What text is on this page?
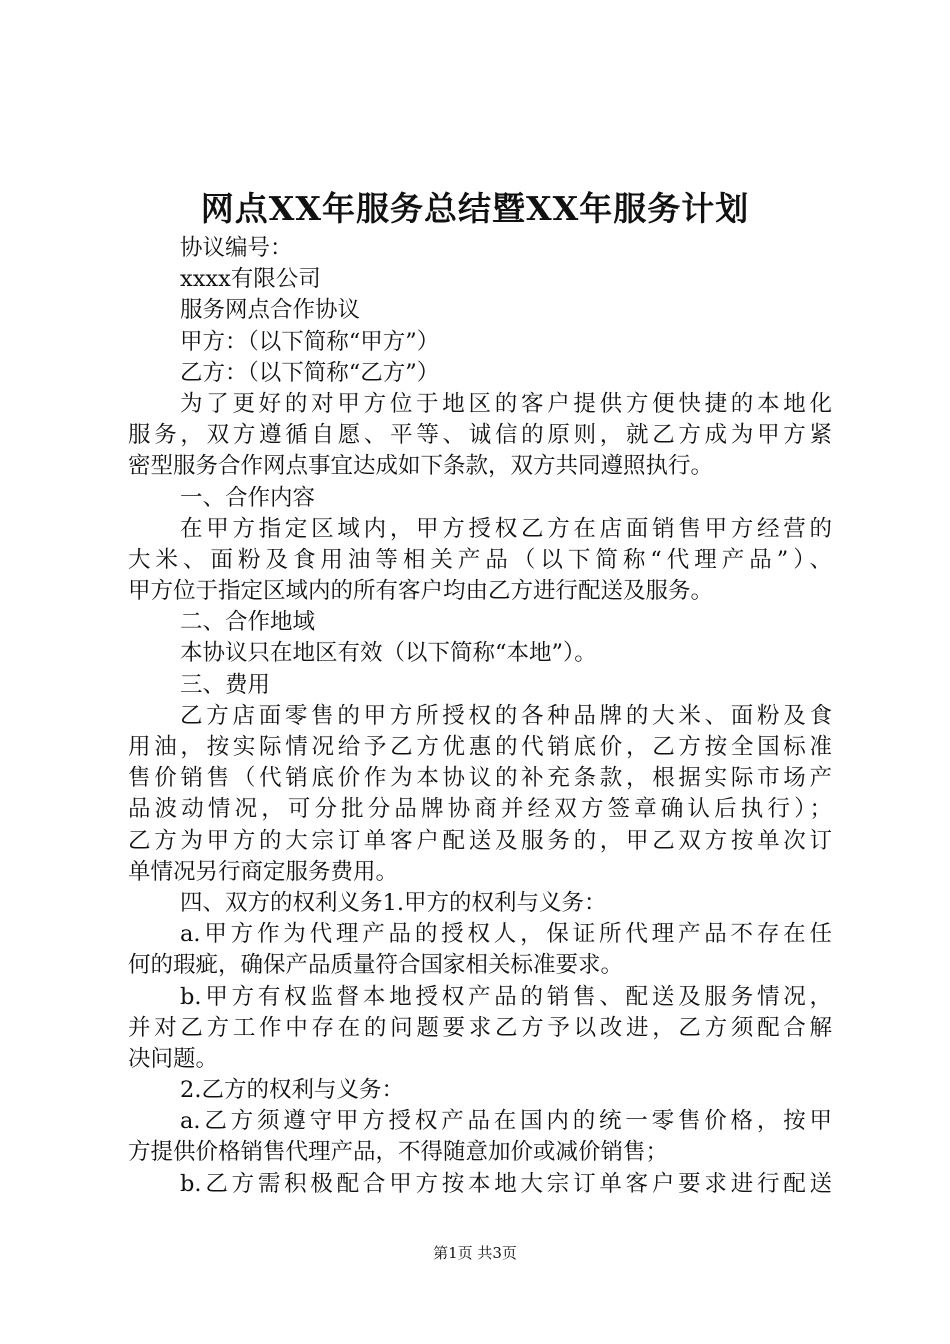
网点XX年服务总结暨XX年服务计划

协议编号：

xxxx有限公司

服务网点合作协议

甲方：（以下简称“甲方”）

乙方：（以下简称“乙方”）

为了更好的对甲方位于地区的客户提供方便快捷的本地化

服务，双方遵循自愿、平等、诚信的原则，就乙方成为甲方紧

密型服务合作网点事宜达成如下条款，双方共同遵照执行。

一、合作内容

在甲方指定区域内，甲方授权乙方在店面销售甲方经营的

大米、面粉及食用油等相关产品（以下简称“代理产品”）、

甲方位于指定区域内的所有客户均由乙方进行配送及服务。

二、合作地域

本协议只在地区有效（以下简称“本地”）。

三、费用

乙方店面零售的甲方所授权的各种品牌的大米、面粉及食

用油，按实际情况给予乙方优惠的代销底价，乙方按全国标准

售价销售（代销底价作为本协议的补充条款，根据实际市场产

品波动情况，可分批分品牌协商并经双方签章确认后执行）；

乙方为甲方的大宗订单客户配送及服务的，甲乙双方按单次订

单情况另行商定服务费用。

四、双方的权利义务1.甲方的权利与义务：

a.甲方作为代理产品的授权人，保证所代理产品不存在任

何的瑕疵，确保产品质量符合国家相关标准要求。

b.甲方有权监督本地授权产品的销售、配送及服务情况，

并对乙方工作中存在的问题要求乙方予以改进，乙方须配合解

决问题。

2.乙方的权利与义务：

a.乙方须遵守甲方授权产品在国内的统一零售价格，按甲

方提供价格销售代理产品，不得随意加价或减价销售；

b.乙方需积极配合甲方按本地大宗订单客户要求进行配送

第1页 共3页
